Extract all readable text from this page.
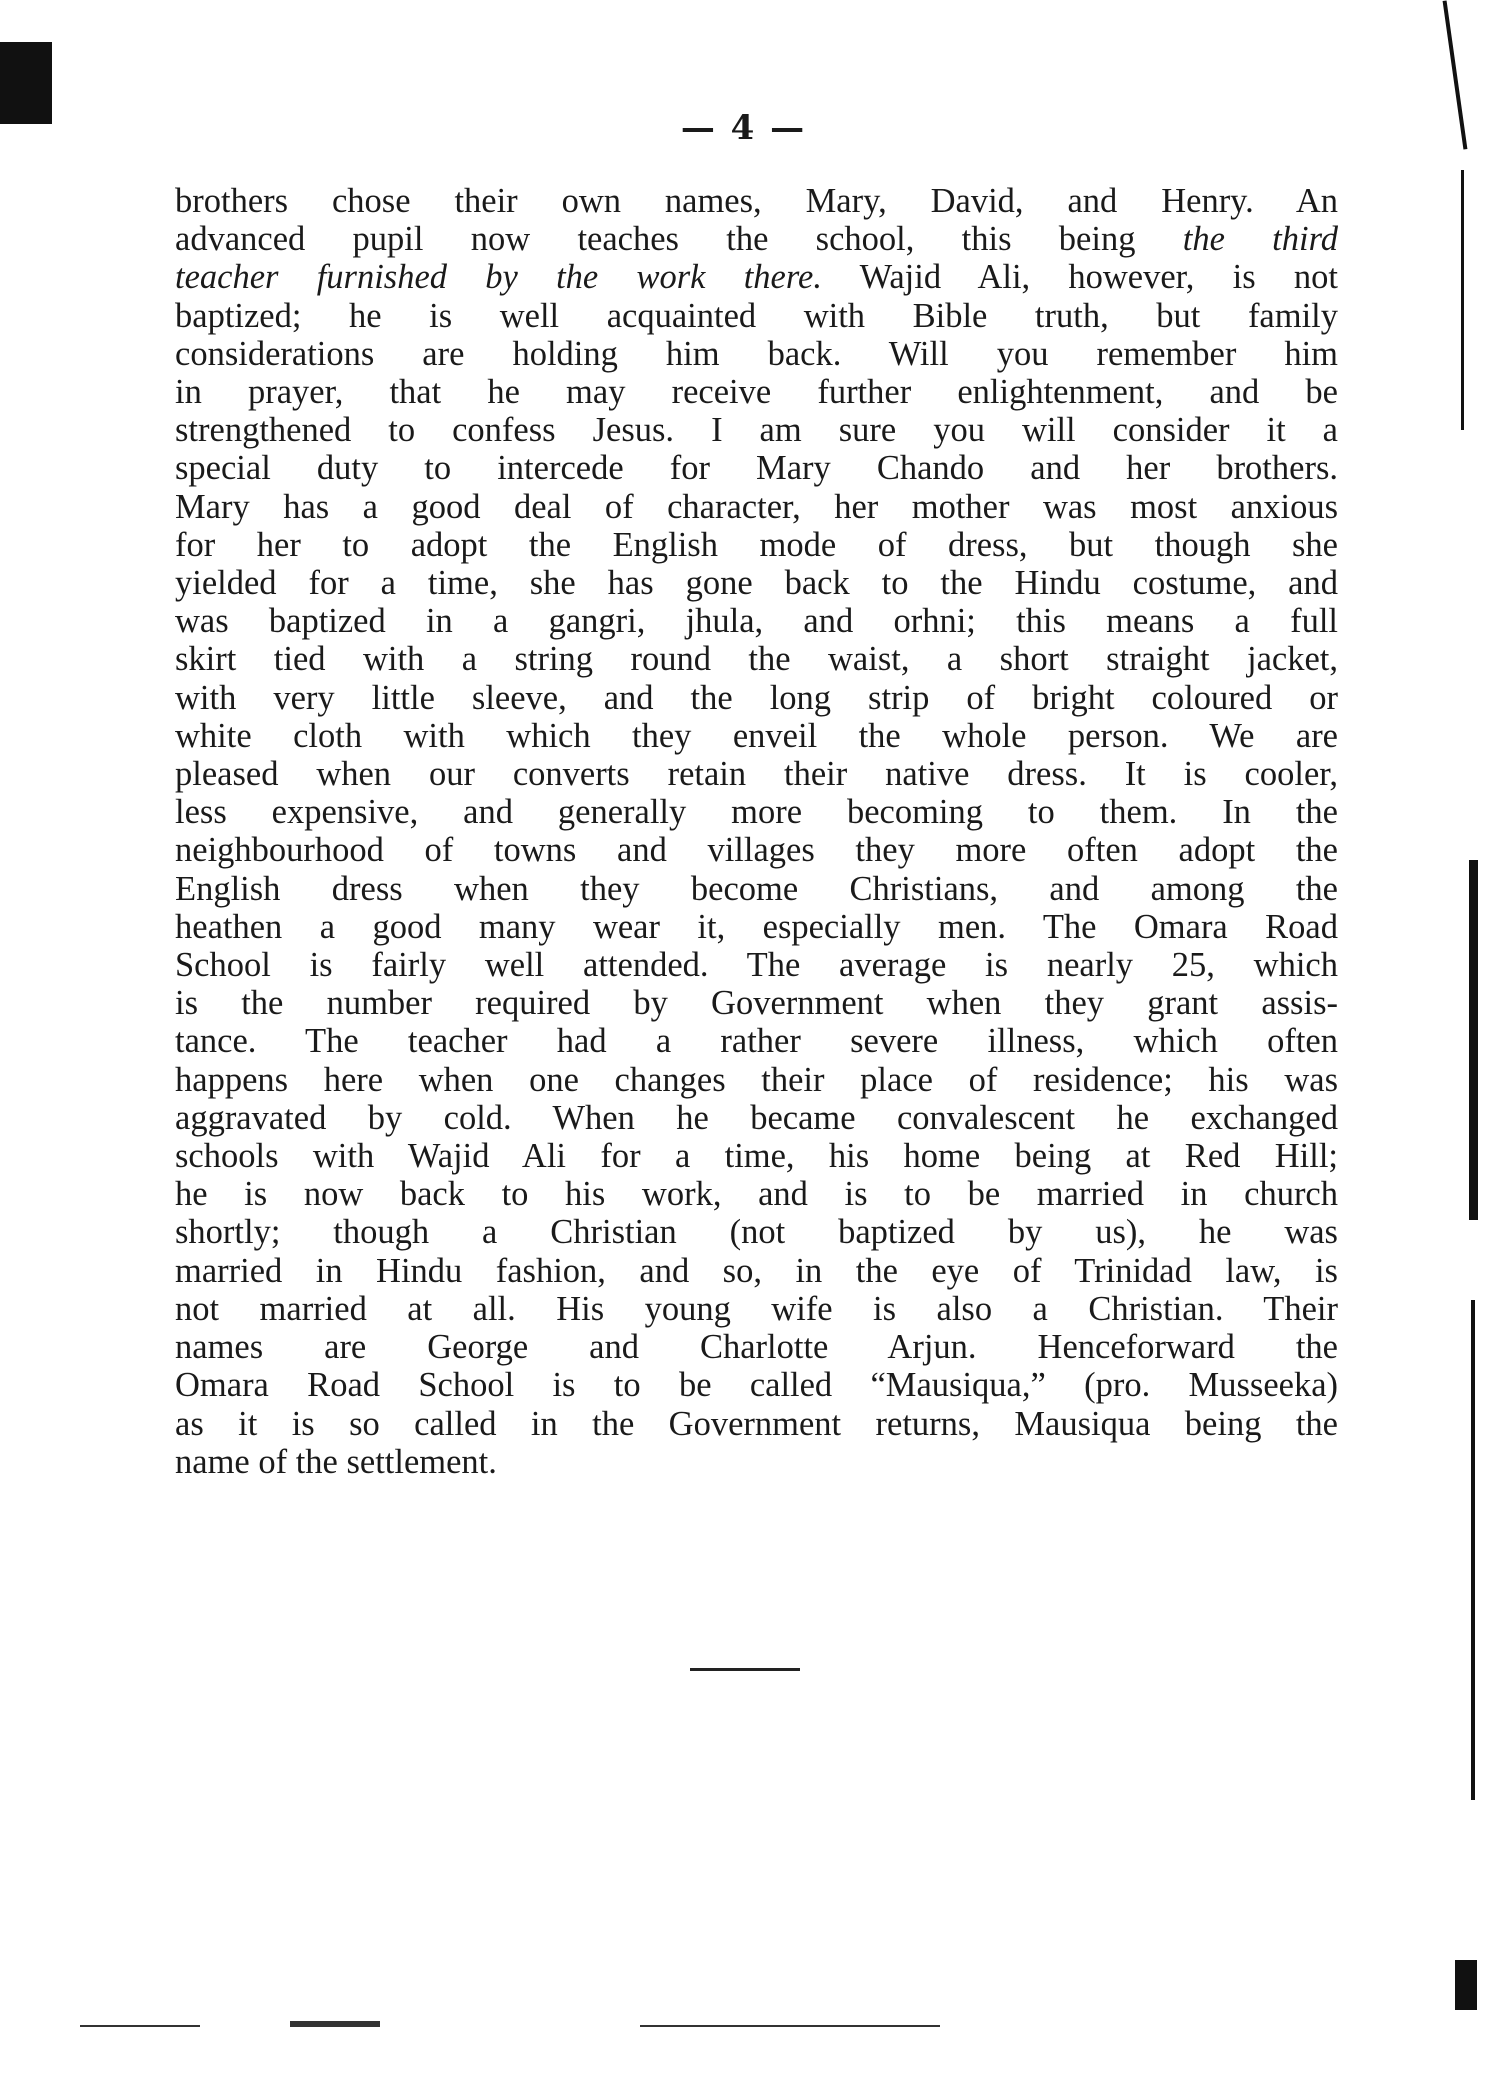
— 4 —
brothers chose their own names, Mary, David, and Henry. An
advanced pupil now teaches the school, this being the third
teacher furnished by the work there. Wajid Ali, however, is not
baptized; he is well acquainted with Bible truth, but family
considerations are holding him back. Will you remember him
in prayer, that he may receive further enlightenment, and be
strengthened to confess Jesus. I am sure you will consider it a
special duty to intercede for Mary Chando and her brothers.
Mary has a good deal of character, her mother was most anxious
for her to adopt the English mode of dress, but though she
yielded for a time, she has gone back to the Hindu costume, and
was baptized in a gangri, jhula, and orhni; this means a full
skirt tied with a string round the waist, a short straight jacket,
with very little sleeve, and the long strip of bright coloured or
white cloth with which they enveil the whole person. We are
pleased when our converts retain their native dress. It is cooler,
less expensive, and generally more becoming to them. In the
neighbourhood of towns and villages they more often adopt the
English dress when they become Christians, and among the
heathen a good many wear it, especially men. The Omara Road
School is fairly well attended. The average is nearly 25, which
is the number required by Government when they grant assis-
tance. The teacher had a rather severe illness, which often
happens here when one changes their place of residence; his was
aggravated by cold. When he became convalescent he exchanged
schools with Wajid Ali for a time, his home being at Red Hill;
he is now back to his work, and is to be married in church
shortly; though a Christian (not baptized by us), he was
married in Hindu fashion, and so, in the eye of Trinidad law, is
not married at all. His young wife is also a Christian. Their
names are George and Charlotte Arjun. Henceforward the
Omara Road School is to be called “Mausiqua,” (pro. Musseeka)
as it is so called in the Government returns, Mausiqua being the
name of the settlement.
